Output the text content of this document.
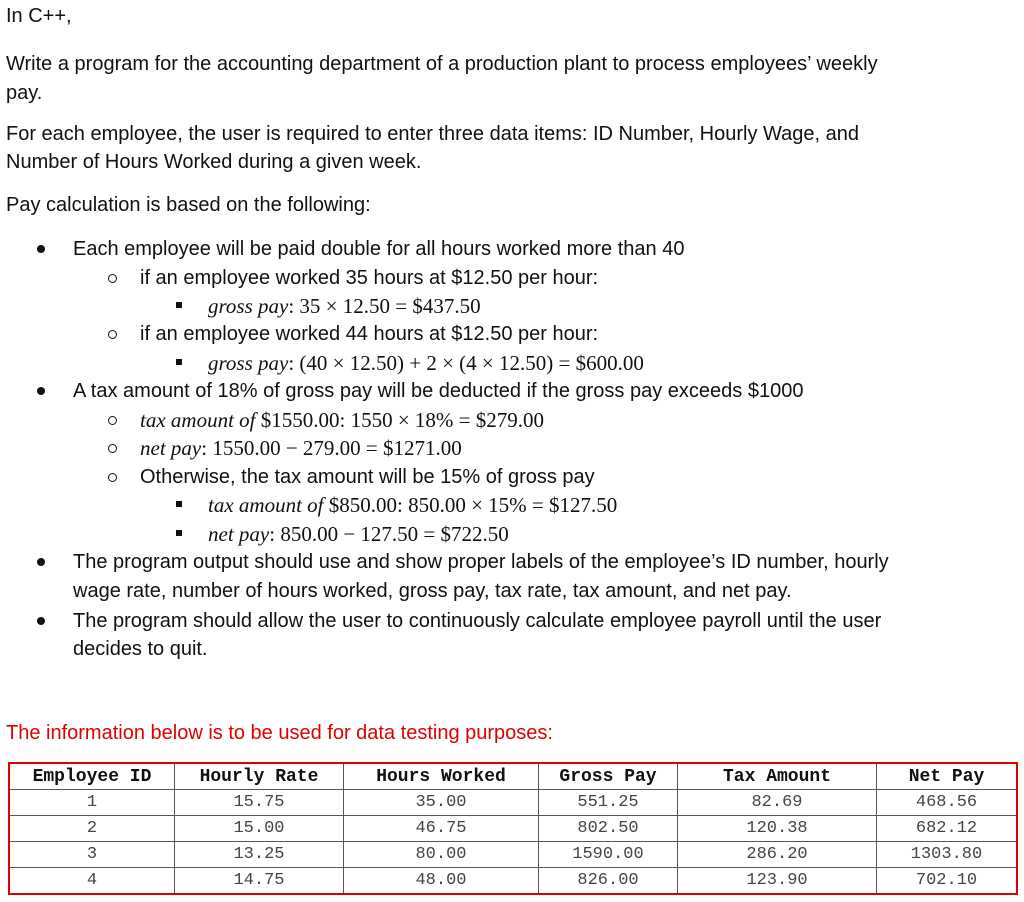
In C++,
Write a program for the accounting department of a production plant to process employees’ weekly
pay.
For each employee, the user is required to enter three data items: ID Number, Hourly Wage, and
Number of Hours Worked during a given week.
Pay calculation is based on the following:
Each employee will be paid double for all hours worked more than 40
if an employee worked 35 hours at $12.50 per hour:
gross pay: 35 × 12.50 = $437.50
if an employee worked 44 hours at $12.50 per hour:
gross pay: (40 × 12.50) + 2 × (4 × 12.50) = $600.00
A tax amount of 18% of gross pay will be deducted if the gross pay exceeds $1000
tax amount of $1550.00: 1550 × 18% = $279.00
net pay: 1550.00 − 279.00 = $1271.00
Otherwise, the tax amount will be 15% of gross pay
tax amount of $850.00: 850.00 × 15% = $127.50
net pay: 850.00 − 127.50 = $722.50
The program output should use and show proper labels of the employee’s ID number, hourly
wage rate, number of hours worked, gross pay, tax rate, tax amount, and net pay.
The program should allow the user to continuously calculate employee payroll until the user
decides to quit.
The information below is to be used for data testing purposes:
Employee ID	Hourly Rate	Hours Worked	Gross Pay	Tax Amount	Net Pay
1	15.75	35.00	551.25	82.69	468.56
2	15.00	46.75	802.50	120.38	682.12
3	13.25	80.00	1590.00	286.20	1303.80
4	14.75	48.00	826.00	123.90	702.10
